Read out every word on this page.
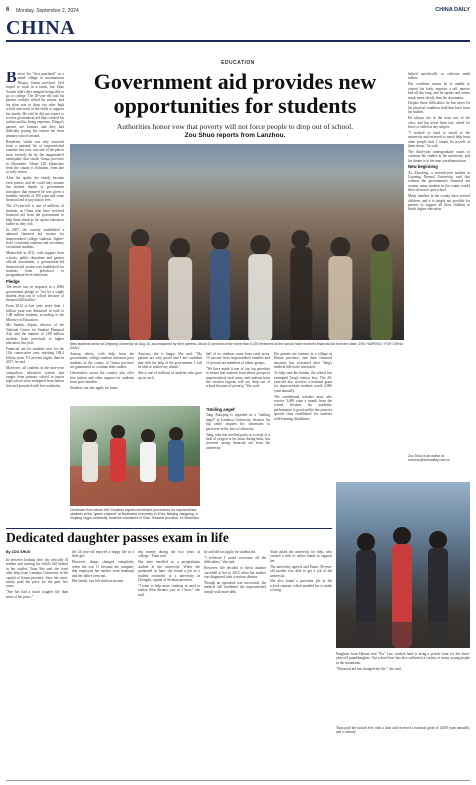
6 Monday, September 2, 2024	CHINA DAILY
CHINA
EDUCATION

Before his "first paycheck" in a small village in mountainous Dingxi, Gansu province, he'd hoped to work in a ranch, but Zhao Yaozhi didn't dare imagine being able to go to college. The 20-year-old said his parents couldn't afford his tuition, and his plan was to drop out after high school and work in the fields to support his family. He said he did not expect to receive government aid that covered his tuition and his living expenses. Dingxi's parents are farmers and they had difficulty paying his tuition fee from primary school onward.

Residents, which was only removed from a national list of impoverished counties last year, was one of the places most severely hit by the magnitude-6 earthquake that struck Gansu province in December. About 120 kilometers from the county is Jishishan, from late to early winter.

After the quake, the family became even poorer, and he could only assume but student thanks to government assistance that ensured he was given a monthly subsidy of 300 yuan and some financial aid to pay tuition fees.

The 23-year-old is one of millions of students in China who have received financial aid from the government to help them climb as far up the education ladder as they will.

In 2007, the country established a national financial aid system for impoverished college students, higher-level vocational students and secondary vocational students.

Meanwhile in 2011, with support from schools, public donations and greater official investment, a government-led financial aid system was established for students from preschool to postgraduate-level education.

Pledge

The move was in response to a 2006 government pledge to "not let a single student drop out of school because of financial difficulties".

From 2012 to last year, more than 1 trillion yuan was disbursed in total to 1.88 million students, according to the Ministry of Education.

Ma Jianbin, deputy director of the National Center for Student Financial Aid, said the number of 1.88 million students from preschool to higher education last year.

Financial aid for students rose for the 11th consecutive year, reaching 184.2 billion yuan, 8.5 percent higher than in 2017, he said.

Moreover, all students in the nine-year compulsory education system that ranges from primary school to junior high school were exempted from tuition fees and provided with free textbooks.

Government aid provides new opportunities for students
Authorities honor vow that poverty will not force people to drop out of school.
Zou Shuo reports from Lanzhou.
New students arrive at Zhejiang University on Aug 15, accompanied by their parents. About 10 percent of the more than 6,000 freshmen at the school have received financial aid from the state. ZHU HAIPENG / FOR CHINA DAILY

Among others, with help from the government, college students and most poor students in the county of Gansu province are guaranteed to continue their studies.

Universities across the country also offer free tuition and other support for students from poor families.

Students can also apply for loans.

Anyway; she is happy. She said: "My parents are very proud and I am confident that with the help of the government, I will be able to realize my dream."

She is one of millions of students who gave up on such.

half of its students come from rural areas, 10 percent from impoverished families and 11 percent are members of ethnic groups.

"We have made it one of our top priorities to ensure that students from ethnic groups in impoverished, rural areas, and students from the western regions will not drop out of school because of poverty," Yao said.

Clockwise from above left: Students explain enrollment procedures for impoverished students at the "green channel" at Northwest University in Xi'an; Nanjing Jiangning, a Xinjiang Uygur university, receives volunteers in Xi'an, Shaanxi province, in December.
'Smiling angel'

Tang Xiaoqing is regarded as a "smiling angel" at Lanzhou University, because his big smile inspires his classmates to persevere in the face of adversity.

Tang, who has cerebral palsy as a result of a lack of oxygen to his brain during birth, has received strong financial aid from the university.

His parents are farmers in a village in Henan province, and their financial situation has worsened after Tang's medical bills have increased.

To help ease the burden, the school has exempted Tang's tuition fees. The 20-year-old also receives a national grant for impoverished students worth 4,000 yuan annually.

The confidential scholars must also receive 3,000 yuan a month from the school because his academic performance is good and he has joined a special class established for students with learning disabilities.

helped specifically to cultivate math talents.

His condition means he is unable to control his body, requires a tall, narrow bed all day long, and he speaks and writes much more slowly than his classmates.

Despite these difficulties, he has never let his physical condition hold him back from his studies.

He always sits in the front row of the class, and has never been late, asked for leave or failed at any subject.

"I worked so hard to enroll at the university and received so much help from other people that I cannot let myself or them down," he said.

The third-year undergraduate wants to continue his studies at the university, and his dream is to become a mathematician.

New beginning

Xu Zhaolong, a seventh-year student at Liaoning Normal University, said that without the government's financial aid system, many students in the county would have chosen to quit school.

Many families in the county have several children, and it is simply not possible for parents to support all their children to finish higher education.

Zou Shuo is an author at zoushuo@chinadaily.com.cn

Fangbiao from Hainan sent "Ku" Luo, worked hard to bring a private tutor for her three-year-old granddaughter. Our school here has also cultivated a variety of many young people in the mountains.

"Financial aid has changed my life," she said.

Dedicated daughter passes exam in life
By ZOU SHUO

In between looking after his critically ill mother and starting his child's bill behind in her studies, Yuan Sha said she went after help from Lanzhou University in the capital of Gansu province. Sara, her sister, nearly paid the price for the past few years.

"She has had a much tougher life than most of her peers."

the 24-year-old enjoyed a happy life as a little girl.

However, things changed completely when she was 11 because the company that employed her mother went bankrupt and her father went out.

Her family was left without income.

any money during the two years of college," Yuan said.

She later enrolled as a postgraduate student at the university. When she graduated in June, she found a job as a student counselor at a university in Chengdu, capital of Sichuan province.

"I want to help more students in need to realize their dreams, just as I have," she said.

by and did not apply for student aid.

"I believed I could overcome all the difficulties," she said.

However, life decided to throw another curveball at her in 2015 when her mother was diagnosed with a serious disease.

Though an operation was successful, the medical bill burdened the impoverished family with more debt.

Yuan asked the university for help, who created a web of online hands to support her.

The university agreed, and Yuan's 56-year-old mother was able to get a job at the university.

She also found a part-time job in the school canteen, which enabled her to make a living.

Yuan paid her tuition fees with a loan and received a national grant of 4,000 yuan annually, and a subsidy.
